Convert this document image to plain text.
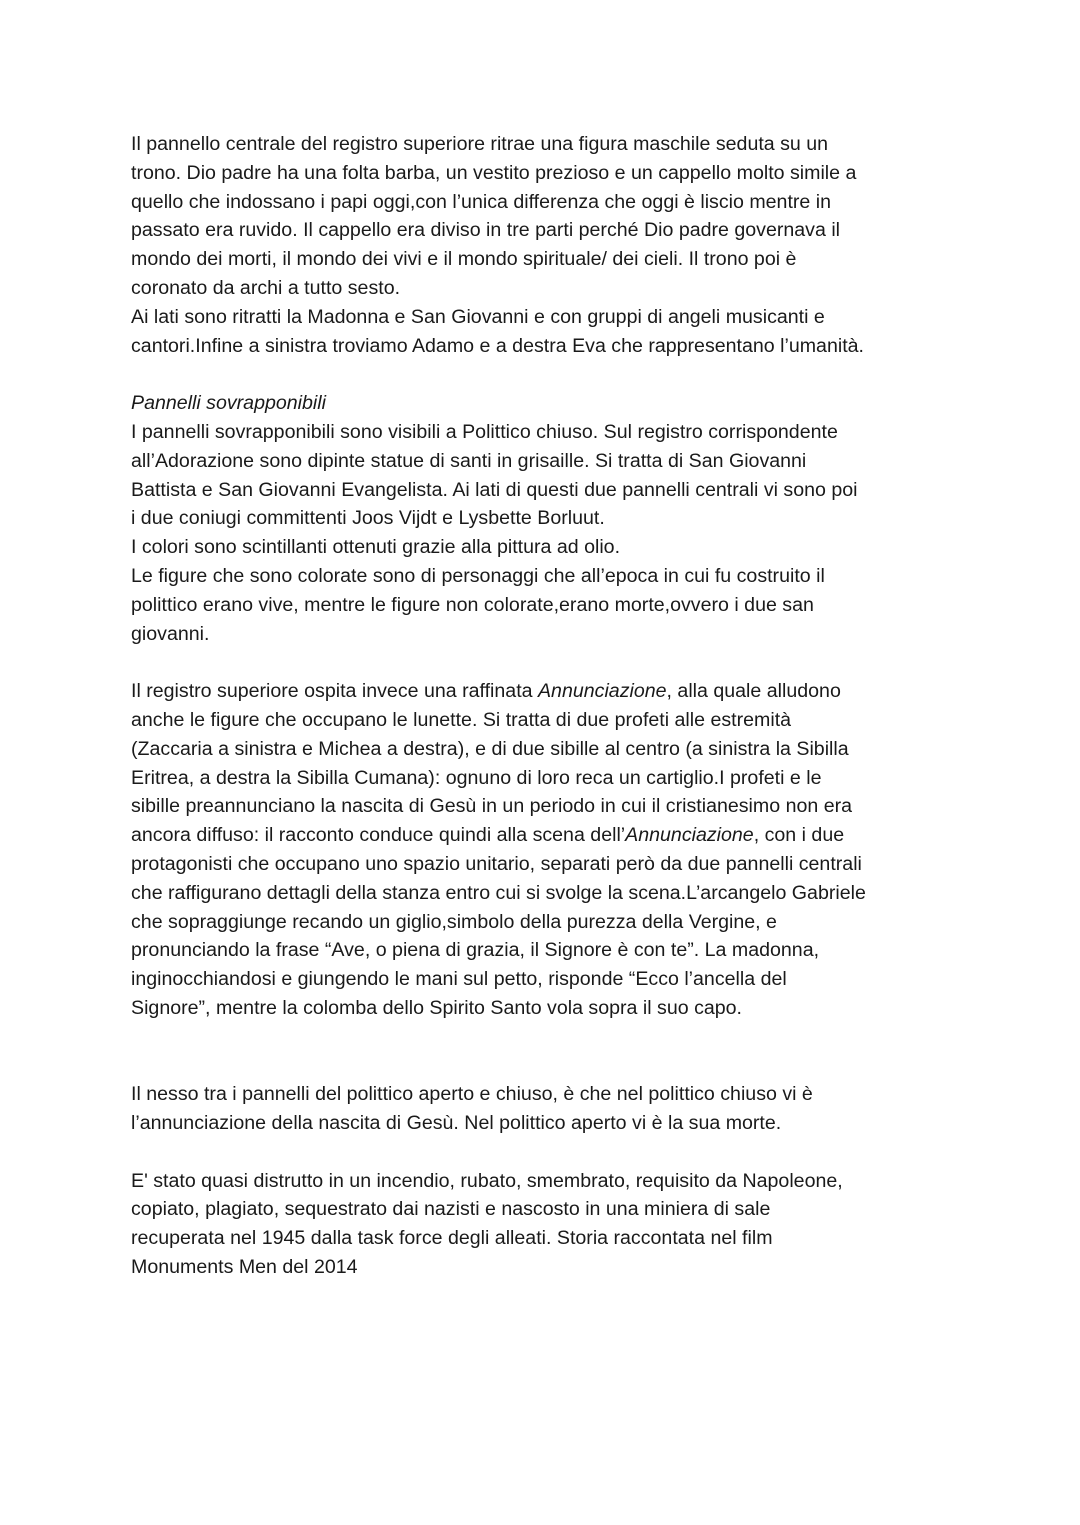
Il pannello centrale del registro superiore ritrae una figura maschile seduta su un
trono. Dio padre ha una folta barba, un vestito prezioso e un cappello molto simile a
quello che indossano i papi oggi,con l’unica differenza che oggi è liscio mentre in
passato era ruvido. Il cappello era diviso in tre parti perché Dio padre governava il
mondo dei morti, il mondo dei vivi e il mondo spirituale/ dei cieli. Il trono poi è
coronato da archi a tutto sesto.
Ai lati sono ritratti la Madonna e San Giovanni e con gruppi di angeli musicanti e
cantori.Infine a sinistra troviamo Adamo e a destra Eva che rappresentano l’umanità.
Pannelli sovrapponibili
I pannelli sovrapponibili sono visibili a Polittico chiuso. Sul registro corrispondente
all’Adorazione sono dipinte statue di santi in grisaille. Si tratta di San Giovanni
Battista e San Giovanni Evangelista. Ai lati di questi due pannelli centrali vi sono poi
i due coniugi committenti Joos Vijdt e Lysbette Borluut.
I colori sono scintillanti ottenuti grazie alla pittura ad olio.
Le figure che sono colorate sono di personaggi che all’epoca in cui fu costruito il
polittico erano vive, mentre le figure non colorate,erano morte,ovvero i due san
giovanni.
Il registro superiore ospita invece una raffinata Annunciazione, alla quale alludono
anche le figure che occupano le lunette. Si tratta di due profeti alle estremità
(Zaccaria a sinistra e Michea a destra), e di due sibille al centro (a sinistra la Sibilla
Eritrea, a destra la Sibilla Cumana): ognuno di loro reca un cartiglio.I profeti e le
sibille preannunciano la nascita di Gesù in un periodo in cui il cristianesimo non era
ancora diffuso: il racconto conduce quindi alla scena dell’Annunciazione, con i due
protagonisti che occupano uno spazio unitario, separati però da due pannelli centrali
che raffigurano dettagli della stanza entro cui si svolge la scena.L’arcangelo Gabriele
che sopraggiunge recando un giglio,simbolo della purezza della Vergine, e
pronunciando la frase “Ave, o piena di grazia, il Signore è con te”. La madonna,
inginocchiandosi e giungendo le mani sul petto, risponde “Ecco l’ancella del
Signore”, mentre la colomba dello Spirito Santo vola sopra il suo capo.
Il nesso tra i pannelli del polittico aperto e chiuso, è che nel polittico chiuso vi è
l’annunciazione della nascita di Gesù. Nel polittico aperto vi è la sua morte.
E' stato quasi distrutto in un incendio, rubato, smembrato, requisito da Napoleone,
copiato, plagiato, sequestrato dai nazisti e nascosto in una miniera di sale
recuperata nel 1945 dalla task force degli alleati. Storia raccontata nel film
Monuments Men del 2014
